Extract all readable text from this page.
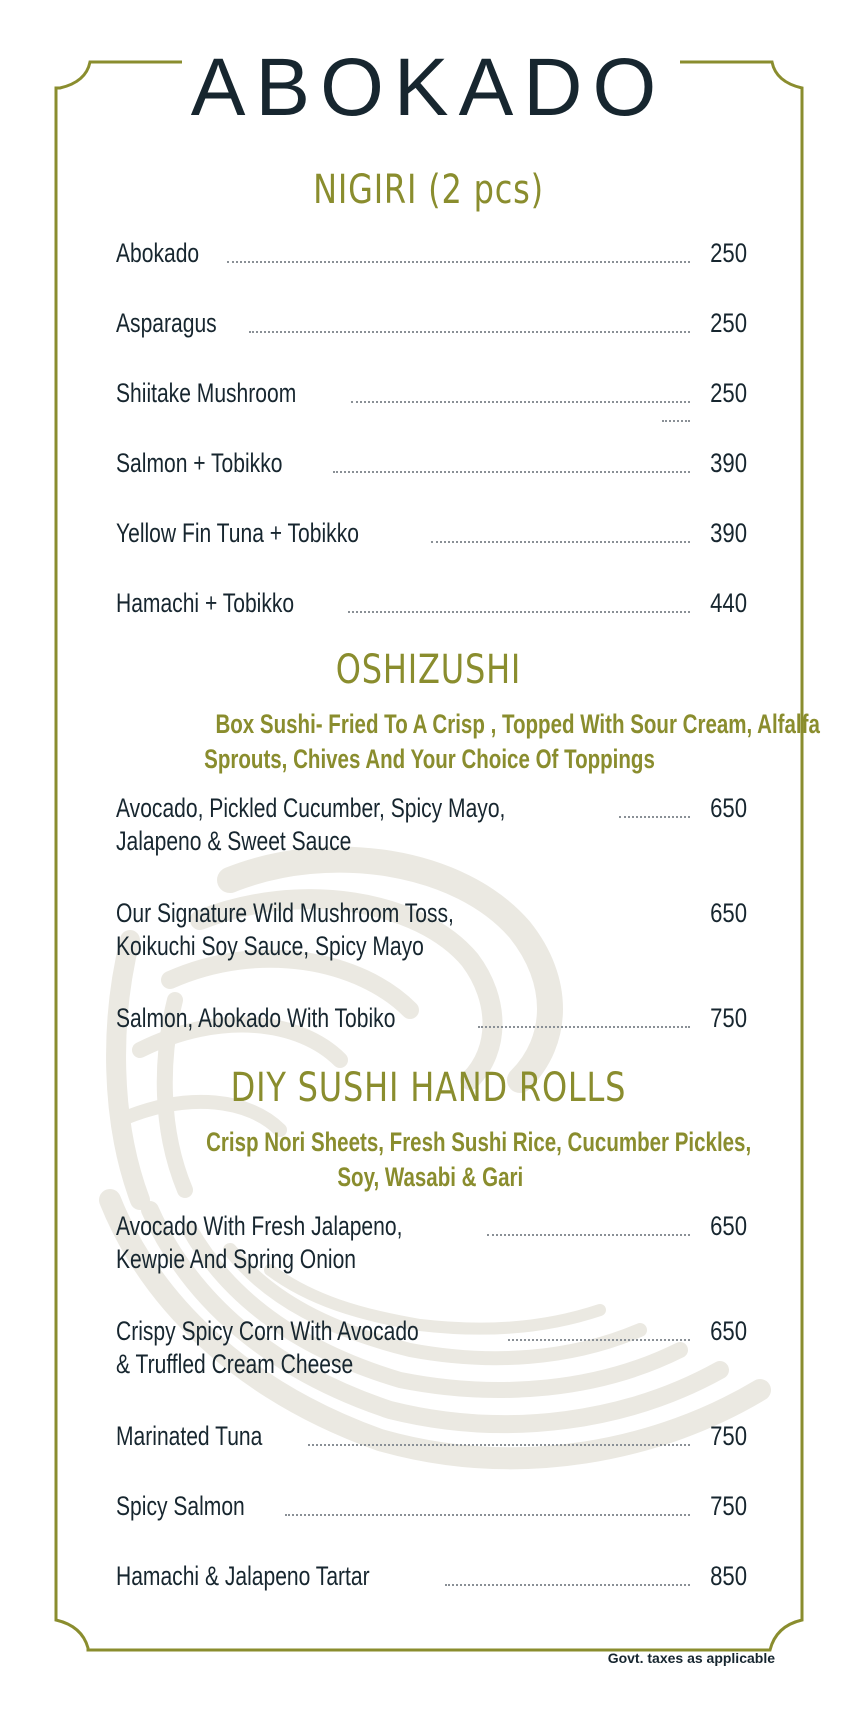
ABOKADO
NIGIRI (2 pcs)
Abokado	250
Asparagus	250
Shiitake Mushroom	250
Salmon + Tobikko	390
Yellow Fin Tuna + Tobikko	390
Hamachi + Tobikko	440
OSHIZUSHI
Box Sushi- Fried To A Crisp , Topped With Sour Cream, Alfalfa
Sprouts, Chives And Your Choice Of Toppings
Avocado, Pickled Cucumber, Spicy Mayo,	650
Jalapeno & Sweet Sauce
Our Signature Wild Mushroom Toss,	650
Koikuchi Soy Sauce, Spicy Mayo
Salmon, Abokado With Tobiko	750
DIY SUSHI HAND ROLLS
Crisp Nori Sheets, Fresh Sushi Rice, Cucumber Pickles,
Soy, Wasabi & Gari
Avocado With Fresh Jalapeno,	650
Kewpie And Spring Onion
Crispy Spicy Corn With Avocado	650
& Truffled Cream Cheese
Marinated Tuna	750
Spicy Salmon	750
Hamachi & Jalapeno Tartar	850
Govt. taxes as applicable
